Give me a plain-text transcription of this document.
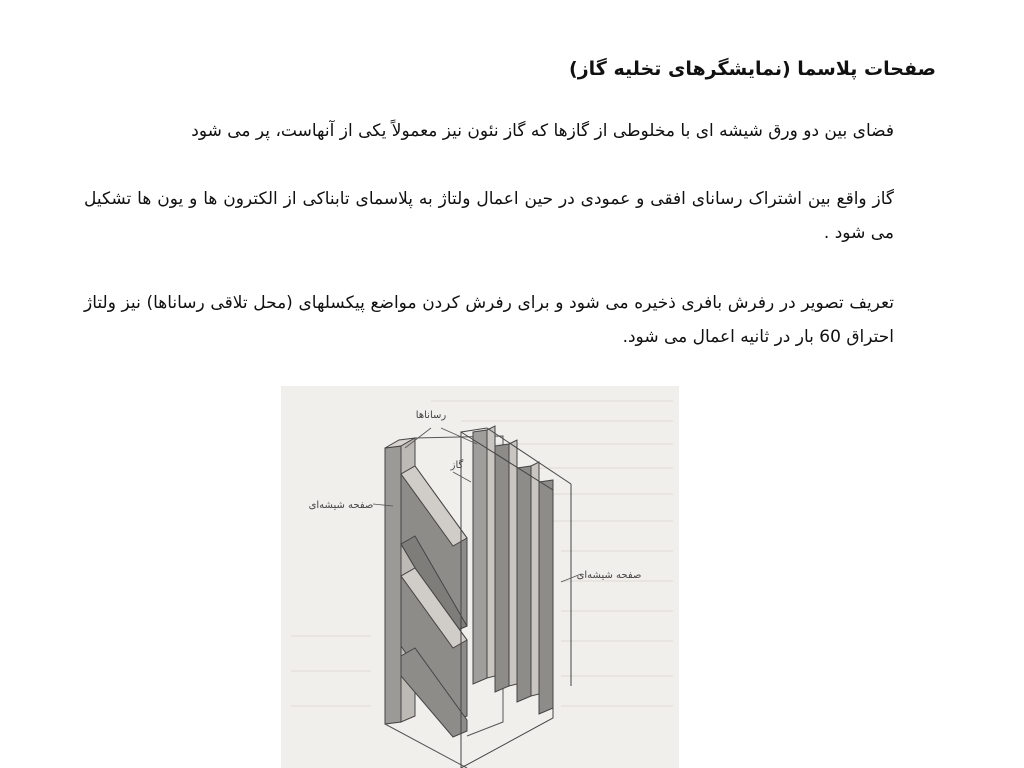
صفحات پلاسما (نمایشگرهای تخلیه گاز)
فضای بین دو ورق شیشه ای با مخلوطی از گازها که گاز نئون نیز معمولاً یکی از آنهاست، پر می شود
گاز واقع بین اشتراک رسانای افقی و عمودی در حین اعمال ولتاژ به پلاسمای تابناکی از الکترون ها و یون ها تشکیل می شود .
تعریف تصویر در رفرش بافری ذخیره می شود و برای رفرش کردن مواضع پیکسلهای (محل تلاقی رساناها) نیز ولتاژ احتراق 60 بار در ثانیه اعمال می شود.
رساناها
گاز
صفحه شیشه‌ای
صفحه شیشه‌ای
